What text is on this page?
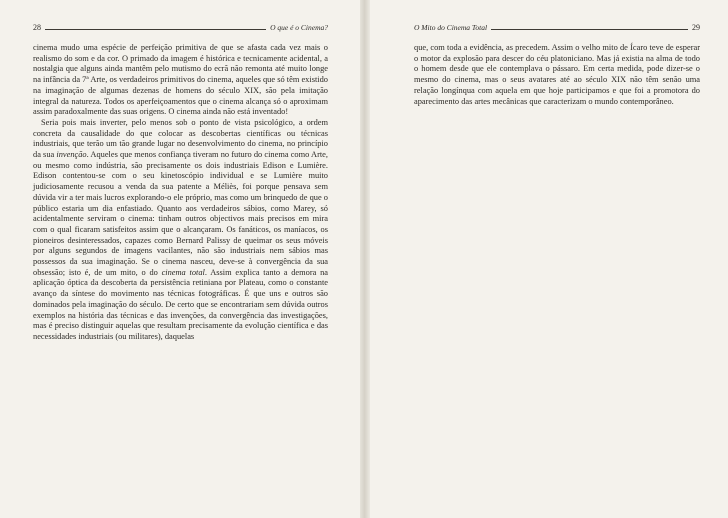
28	O que é o Cinema?

cinema mudo uma espécie de perfeição primitiva de que se afasta cada vez mais o realismo do som e da cor. O primado da imagem é histórica e tecnicamente acidental, a nostalgia que alguns ainda mantêm pelo mutismo do ecrã não remonta até muito longe na infância da 7ª Arte, os verdadeiros primitivos do cinema, aqueles que só têm existido na imaginação de algumas dezenas de homens do século XIX, são pela imitação integral da natureza. Todos os aperfeiçoamentos que o cinema alcança só o aproximam assim paradoxalmente das suas origens. O cinema ainda não está inventado!

Seria pois mais inverter, pelo menos sob o ponto de vista psicológico, a ordem concreta da causalidade do que colocar as descobertas científicas ou técnicas industriais, que terão um tão grande lugar no desenvolvimento do cinema, no princípio da sua invenção. Aqueles que menos confiança tiveram no futuro do cinema como Arte, ou mesmo como indústria, são precisamente os dois industriais Edison e Lumière. Edison contentou-se com o seu kinetoscópio individual e se Lumière muito judiciosamente recusou a venda da sua patente a Méliès, foi porque pensava sem dúvida vir a ter mais lucros explorando-o ele próprio, mas como um brinquedo de que o público estaria um dia enfastiado. Quanto aos verdadeiros sábios, como Marey, só acidentalmente serviram o cinema: tinham outros objectivos mais precisos em mira com o qual ficaram satisfeitos assim que o alcançaram. Os fanáticos, os maníacos, os pioneiros desinteressados, capazes como Bernard Palissy de queimar os seus móveis por alguns segundos de imagens vacilantes, não são industriais nem sábios mas possessos da sua imaginação. Se o cinema nasceu, deve-se à convergência da sua obsessão; isto é, de um mito, o do cinema total. Assim explica tanto a demora na aplicação óptica da descoberta da persistência retiniana por Plateau, como o constante avanço da síntese do movimento nas técnicas fotográficas. É que uns e outros são dominados pela imaginação do século. De certo que se encontrariam sem dúvida outros exemplos na história das técnicas e das invenções, da convergência das investigações, mas é preciso distinguir aquelas que resultam precisamente da evolução científica e das necessidades industriais (ou militares), daquelas

O Mito do Cinema Total	29

que, com toda a evidência, as precedem. Assim o velho mito de Ícaro teve de esperar o motor da explosão para descer do céu platoniciano. Mas já existia na alma de todo o homem desde que ele contemplava o pássaro. Em certa medida, pode dizer-se o mesmo do cinema, mas o seus avatares até ao século XIX não têm senão uma relação longínqua com aquela em que hoje participamos e que foi a promotora do aparecimento das artes mecânicas que caracterizam o mundo contemporâneo.
